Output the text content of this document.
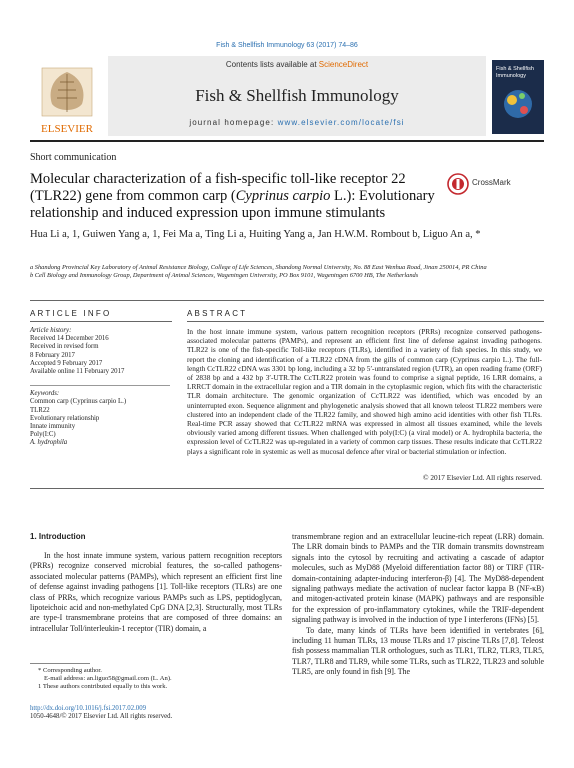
Fish & Shellfish Immunology 63 (2017) 74–86
ELSEVIER
Contents lists available at ScienceDirect
Fish & Shellfish Immunology
journal homepage: www.elsevier.com/locate/fsi
Fish & Shellfish Immunology
Short communication
Molecular characterization of a fish-specific toll-like receptor 22 (TLR22) gene from common carp (Cyprinus carpio L.): Evolutionary relationship and induced expression upon immune stimulants
CrossMark
Hua Li a, 1, Guiwen Yang a, 1, Fei Ma a, Ting Li a, Huiting Yang a, Jan H.W.M. Rombout b, Liguo An a, *
a Shandong Provincial Key Laboratory of Animal Resistance Biology, College of Life Sciences, Shandong Normal University, No. 88 East Wenhua Road, Jinan 250014, PR China
b Cell Biology and Immunology Group, Department of Animal Sciences, Wageningen University, PO Box 9101, Wageningen 6700 HB, The Netherlands
ARTICLE INFO	ABSTRACT
Article history:
Received 14 December 2016
Received in revised form
8 February 2017
Accepted 9 February 2017
Available online 11 February 2017
Keywords:
Common carp (Cyprinus carpio L.)
TLR22
Evolutionary relationship
Innate immunity
Poly(I:C)
A. hydrophila
In the host innate immune system, various pattern recognition receptors (PRRs) recognize conserved pathogens-associated molecular patterns (PAMPs), and represent an efficient first line of defense against invading pathogens. TLR22 is one of the fish-specific Toll-like receptors (TLRs), identified in a variety of fish species. In this study, we report the cloning and identification of a TLR22 cDNA from the gills of common carp (Cyprinus carpio L.). The full-length CcTLR22 cDNA was 3301 bp long, including a 32 bp 5′-untranslated region (UTR), an open reading frame (ORF) of 2838 bp and a 432 bp 3′-UTR.The CcTLR22 protein was found to comprise a signal peptide, 16 LRR domains, a LRRCT domain in the extracellular region and a TIR domain in the cytoplasmic region, which fits with the characteristic TLR domain architecture. The genomic organization of CcTLR22 was identified, which was encoded by an uninterrupted exon. Sequence alignment and phylogenetic analysis showed that all known teleost TLR22 members were clustered into an independent clade of the TLR22 family, and showed high amino acid identities with other fish TLRs. Real-time PCR assay showed that CcTLR22 mRNA was expressed in almost all tissues examined, while the levels obviously varied among different tissues. When challenged with poly(I:C) (a viral model) or A. hydrophila bacteria, the expression level of CcTLR22 was up-regulated in a variety of common carp tissues. These results indicate that CcTLR22 plays a significant role in systemic as well as mucosal defence after viral or bacterial stimulation or infection.
© 2017 Elsevier Ltd. All rights reserved.
1. Introduction
In the host innate immune system, various pattern recognition receptors (PRRs) recognize conserved microbial features, the so-called pathogens-associated molecular patterns (PAMPs), which represent an efficient first line of defense against invading pathogens [1]. Toll-like receptors (TLRs) are one class of PRRs, which recognize various PAMPs such as LPS, peptidoglycan, lipoteichoic acid and non-methylated CpG DNA [2,3]. Structurally, most TLRs are type-I transmembrane proteins that are composed of three domains: an intracellular Toll/interleukin-1 receptor (TIR) domain, a
transmembrane region and an extracellular leucine-rich repeat (LRR) domain. The LRR domain binds to PAMPs and the TIR domain transmits downstream signals into the cytosol by recruiting and activating a cascade of adaptor molecules, such as MyD88 (Myeloid differentiation factor 88) or TIRF (TIR-domain-containing adapter-inducing interferon-β) [4]. The MyD88-dependent signaling pathways mediate the activation of nuclear factor kappa B (NF-κB) and mitogen-activated protein kinase (MAPK) pathways and are responsible for the expression of pro-inflammatory cytokines, while the TRIF-dependent signaling pathway is involved in the induction of type I interferons (IFNs) [5].
To date, many kinds of TLRs have been identified in vertebrates [6], including 11 human TLRs, 13 mouse TLRs and 17 piscine TLRs [7,8]. Teleost fish possess mammalian TLR orthologues, such as TLR1, TLR2, TLR3, TLR5, TLR7, TLR8 and TLR9, while some TLRs, such as TLR22, TLR23 and soluble TLR5, are only found in fish [9]. The
* Corresponding author.
E-mail address: an.liguo58@gmail.com (L. An).
1 These authors contributed equally to this work.
http://dx.doi.org/10.1016/j.fsi.2017.02.009
1050-4648/© 2017 Elsevier Ltd. All rights reserved.
